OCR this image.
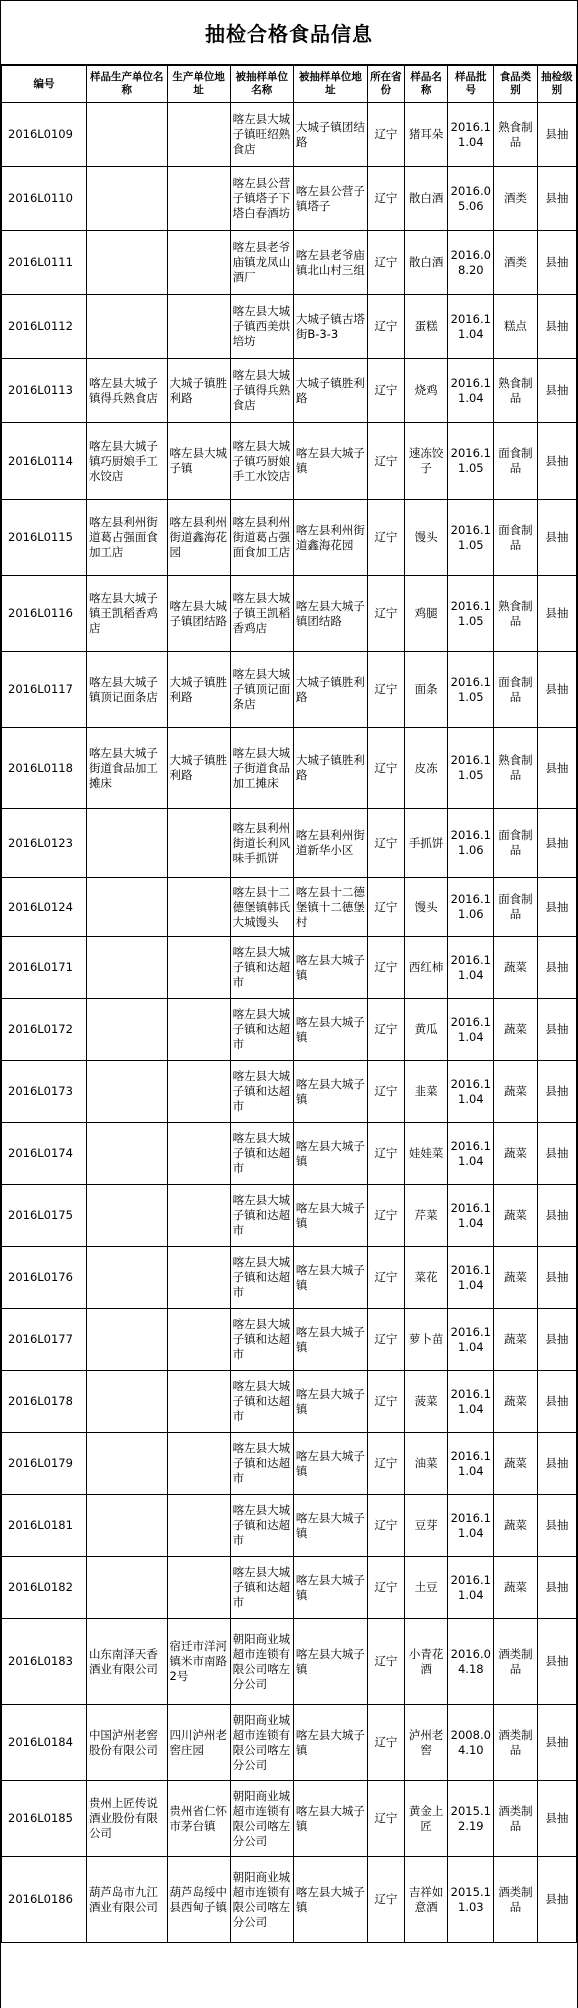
抽检合格食品信息
编号	样品生产单位名称	生产单位地址	被抽样单位名称	被抽样单位地址	所在省份	样品名称	样品批号	食品类别	抽检级别
2016L0109			喀左县大城子镇旺绍熟食店	大城子镇团结路	辽宁	猪耳朵	2016.11.04	熟食制品	县抽
2016L0110			喀左县公营子镇塔子下塔白春酒坊	喀左县公营子镇塔子	辽宁	散白酒	2016.05.06	酒类	县抽
2016L0111			喀左县老爷庙镇龙凤山酒厂	喀左县老爷庙镇北山村三组	辽宁	散白酒	2016.08.20	酒类	县抽
2016L0112			喀左县大城子镇西美烘培坊	大城子镇古塔街B-3-3	辽宁	蛋糕	2016.11.04	糕点	县抽
2016L0113	喀左县大城子镇得兵熟食店	大城子镇胜利路	喀左县大城子镇得兵熟食店	大城子镇胜利路	辽宁	烧鸡	2016.11.04	熟食制品	县抽
2016L0114	喀左县大城子镇巧厨娘手工水饺店	喀左县大城子镇	喀左县大城子镇巧厨娘手工水饺店	喀左县大城子镇	辽宁	速冻饺子	2016.11.05	面食制品	县抽
2016L0115	喀左县利州街道葛占强面食加工店	喀左县利州街道鑫海花园	喀左县利州街道葛占强面食加工店	喀左县利州街道鑫海花园	辽宁	馒头	2016.11.05	面食制品	县抽
2016L0116	喀左县大城子镇王凯稻香鸡店	喀左县大城子镇团结路	喀左县大城子镇王凯稻香鸡店	喀左县大城子镇团结路	辽宁	鸡腿	2016.11.05	熟食制品	县抽
2016L0117	喀左县大城子镇顶记面条店	大城子镇胜利路	喀左县大城子镇顶记面条店	大城子镇胜利路	辽宁	面条	2016.11.05	面食制品	县抽
2016L0118	喀左县大城子街道食品加工摊床	大城子镇胜利路	喀左县大城子街道食品加工摊床	大城子镇胜利路	辽宁	皮冻	2016.11.05	熟食制品	县抽
2016L0123			喀左县利州街道长利风味手抓饼	喀左县利州街道新华小区	辽宁	手抓饼	2016.11.06	面食制品	县抽
2016L0124			喀左县十二德堡镇韩氏大城馒头	喀左县十二德堡镇十二德堡村	辽宁	馒头	2016.11.06	面食制品	县抽
2016L0171			喀左县大城子镇和达超市	喀左县大城子镇	辽宁	西红柿	2016.11.04	蔬菜	县抽
2016L0172			喀左县大城子镇和达超市	喀左县大城子镇	辽宁	黄瓜	2016.11.04	蔬菜	县抽
2016L0173			喀左县大城子镇和达超市	喀左县大城子镇	辽宁	韭菜	2016.11.04	蔬菜	县抽
2016L0174			喀左县大城子镇和达超市	喀左县大城子镇	辽宁	娃娃菜	2016.11.04	蔬菜	县抽
2016L0175			喀左县大城子镇和达超市	喀左县大城子镇	辽宁	芹菜	2016.11.04	蔬菜	县抽
2016L0176			喀左县大城子镇和达超市	喀左县大城子镇	辽宁	菜花	2016.11.04	蔬菜	县抽
2016L0177			喀左县大城子镇和达超市	喀左县大城子镇	辽宁	萝卜苗	2016.11.04	蔬菜	县抽
2016L0178			喀左县大城子镇和达超市	喀左县大城子镇	辽宁	菠菜	2016.11.04	蔬菜	县抽
2016L0179			喀左县大城子镇和达超市	喀左县大城子镇	辽宁	油菜	2016.11.04	蔬菜	县抽
2016L0181			喀左县大城子镇和达超市	喀左县大城子镇	辽宁	豆芽	2016.11.04	蔬菜	县抽
2016L0182			喀左县大城子镇和达超市	喀左县大城子镇	辽宁	土豆	2016.11.04	蔬菜	县抽
2016L0183	山东南泽天香酒业有限公司	宿迁市洋河镇米市南路2号	朝阳商业城超市连锁有限公司喀左分公司	喀左县大城子镇	辽宁	小青花酒	2016.04.18	酒类制品	县抽
2016L0184	中国泸州老窖股份有限公司	四川泸州老窖庄园	朝阳商业城超市连锁有限公司喀左分公司	喀左县大城子镇	辽宁	泸州老窖	2008.04.10	酒类制品	县抽
2016L0185	贵州上匠传说酒业股份有限公司	贵州省仁怀市茅台镇	朝阳商业城超市连锁有限公司喀左分公司	喀左县大城子镇	辽宁	黄金上匠	2015.12.19	酒类制品	县抽
2016L0186	葫芦岛市九江酒业有限公司	葫芦岛绥中县西甸子镇	朝阳商业城超市连锁有限公司喀左分公司	喀左县大城子镇	辽宁	吉祥如意酒	2015.11.03	酒类制品	县抽
